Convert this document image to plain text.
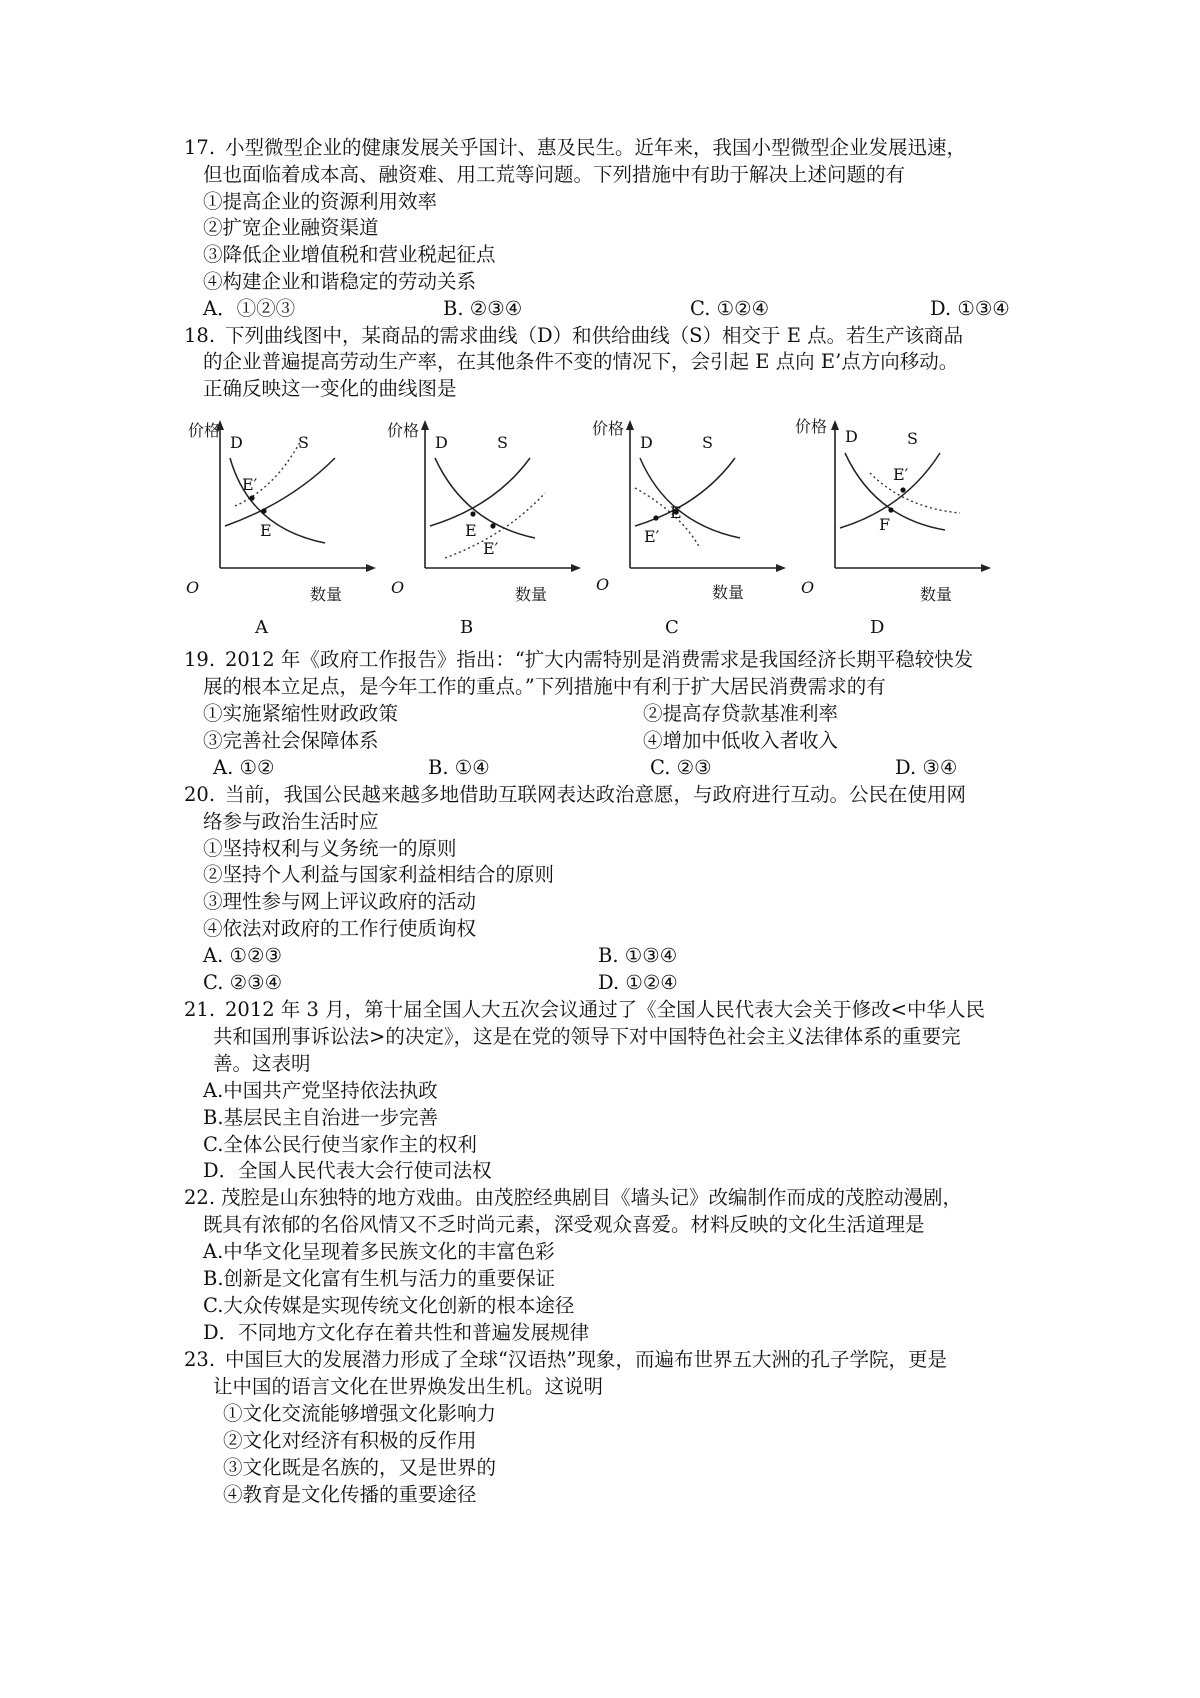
17. 小型微型企业的健康发展关乎国计、惠及民生。近年来，我国小型微型企业发展迅速，
但也面临着成本高、融资难、用工荒等问题。下列措施中有助于解决上述问题的有
①提高企业的资源利用效率
②扩宽企业融资渠道
③降低企业增值税和营业税起征点
④构建企业和谐稳定的劳动关系
A．①②③	B. ②③④	C. ①②④	D. ①③④
18. 下列曲线图中，某商品的需求曲线（D）和供给曲线（S）相交于 E 点。若生产该商品
的企业普遍提高劳动生产率，在其他条件不变的情况下，会引起 E 点向 E’点方向移动。
正确反映这一变化的曲线图是
价格
数量
O
D	S
E
E′
A
价格
数量
O
D	S
E
E′
B
价格
数量
O
D	S
E
E′
C
价格
数量
O
D	S
F
E′
D
19. 2012 年《政府工作报告》指出：“扩大内需特别是消费需求是我国经济长期平稳较快发
展的根本立足点，是今年工作的重点。”下列措施中有利于扩大居民消费需求的有
①实施紧缩性财政政策	②提高存贷款基准利率
③完善社会保障体系	④增加中低收入者收入
A. ①②	B. ①④	C. ②③	D. ③④
20. 当前，我国公民越来越多地借助互联网表达政治意愿，与政府进行互动。公民在使用网
络参与政治生活时应
①坚持权利与义务统一的原则
②坚持个人利益与国家利益相结合的原则
③理性参与网上评议政府的活动
④依法对政府的工作行使质询权
A. ①②③	B. ①③④
C. ②③④	D. ①②④
21. 2012 年 3 月，第十届全国人大五次会议通过了《全国人民代表大会关于修改<中华人民
共和国刑事诉讼法>的决定》，这是在党的领导下对中国特色社会主义法律体系的重要完
善。这表明
A.中国共产党坚持依法执政
B.基层民主自治进一步完善
C.全体公民行使当家作主的权利
D．全国人民代表大会行使司法权
22. 茂腔是山东独特的地方戏曲。由茂腔经典剧目《墙头记》改编制作而成的茂腔动漫剧，
既具有浓郁的名俗风情又不乏时尚元素，深受观众喜爱。材料反映的文化生活道理是
A.中华文化呈现着多民族文化的丰富色彩
B.创新是文化富有生机与活力的重要保证
C.大众传媒是实现传统文化创新的根本途径
D．不同地方文化存在着共性和普遍发展规律
23. 中国巨大的发展潜力形成了全球“汉语热”现象，而遍布世界五大洲的孔子学院，更是
让中国的语言文化在世界焕发出生机。这说明
①文化交流能够增强文化影响力
②文化对经济有积极的反作用
③文化既是名族的，又是世界的
④教育是文化传播的重要途径
